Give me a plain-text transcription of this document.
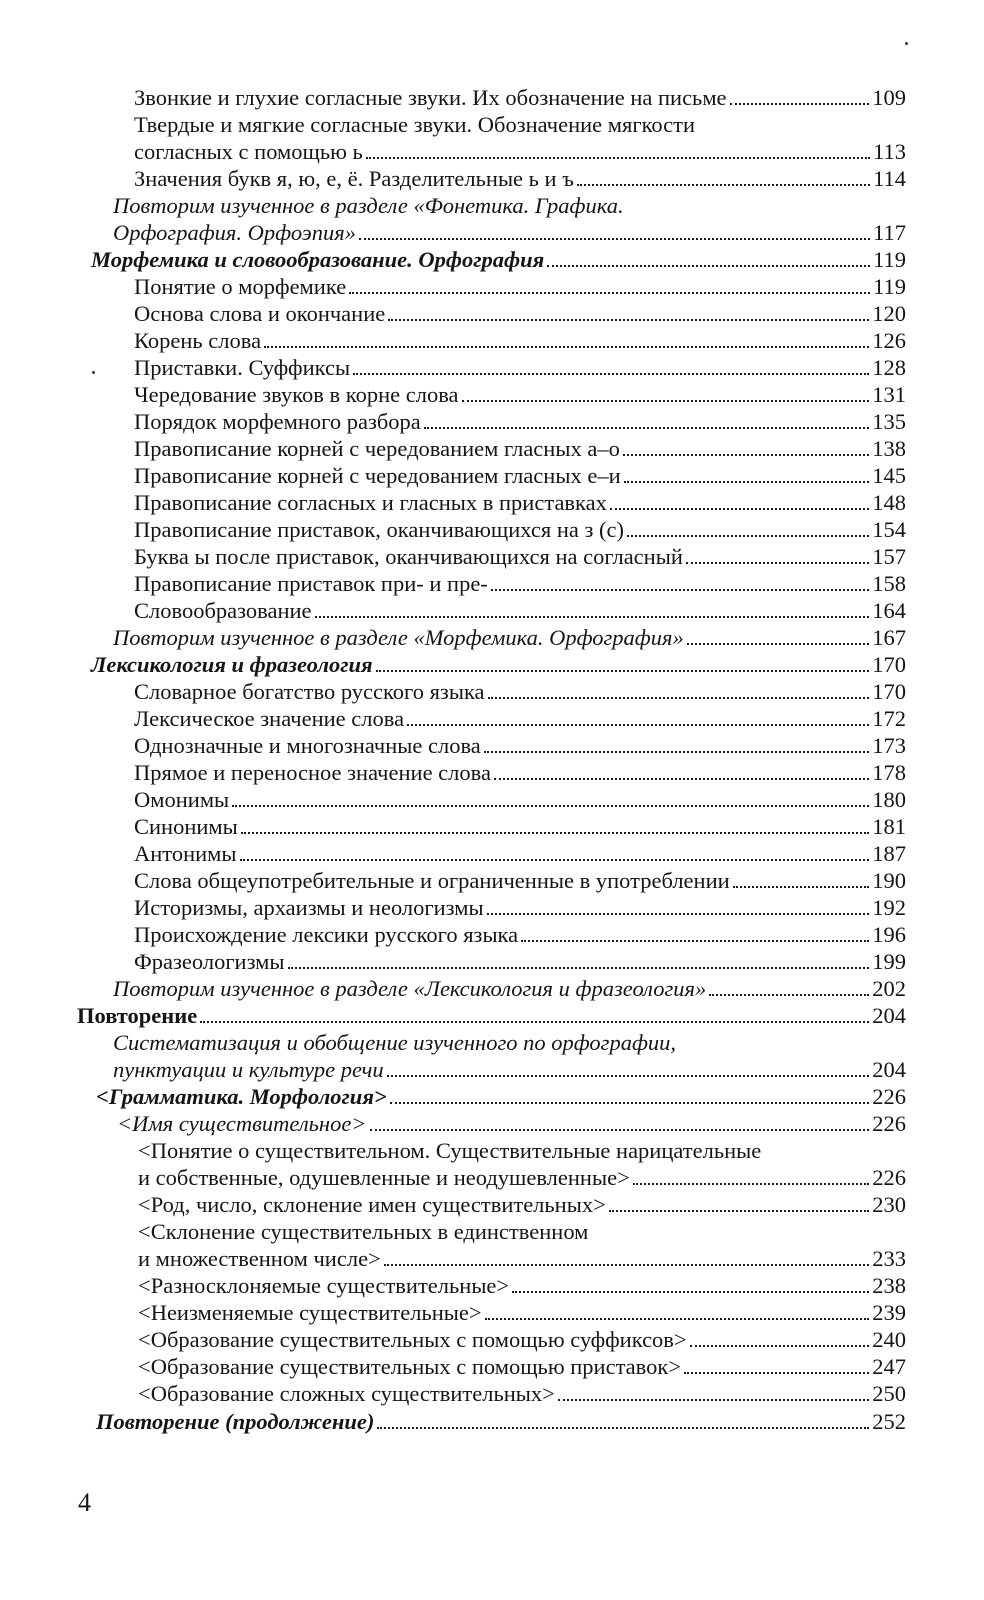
Звонкие и глухие согласные звуки. Их обозначение на письме	109
Твердые и мягкие согласные звуки. Обозначение мягкости
согласных с помощью ь	113
Значения букв я, ю, е, ё. Разделительные ь и ъ	114
Повторим изученное в разделе «Фонетика. Графика.
Орфография. Орфоэпия»	117
Морфемика и словообразование. Орфография	119
Понятие о морфемике	119
Основа слова и окончание	120
Корень слова	126
Приставки. Суффиксы	128
Чередование звуков в корне слова	131
Порядок морфемного разбора	135
Правописание корней с чередованием гласных а–о	138
Правописание корней с чередованием гласных е–и	145
Правописание согласных и гласных в приставках	148
Правописание приставок, оканчивающихся на з (с)	154
Буква ы после приставок, оканчивающихся на согласный	157
Правописание приставок при- и пре-	158
Словообразование	164
Повторим изученное в разделе «Морфемика. Орфография»	167
Лексикология и фразеология	170
Словарное богатство русского языка	170
Лексическое значение слова	172
Однозначные и многозначные слова	173
Прямое и переносное значение слова	178
Омонимы	180
Синонимы	181
Антонимы	187
Слова общеупотребительные и ограниченные в употреблении	190
Историзмы, архаизмы и неологизмы	192
Происхождение лексики русского языка	196
Фразеологизмы	199
Повторим изученное в разделе «Лексикология и фразеология»	202
Повторение	204
Систематизация и обобщение изученного по орфографии,
пунктуации и культуре речи	204
<Грамматика. Морфология>	226
<Имя существительное>	226
<Понятие о существительном. Существительные нарицательные
и собственные, одушевленные и неодушевленные>	226
<Род, число, склонение имен существительных>	230
<Склонение существительных в единственном
и множественном числе>	233
<Разносклоняемые существительные>	238
<Неизменяемые существительные>	239
<Образование существительных с помощью суффиксов>	240
<Образование существительных с помощью приставок>	247
<Образование сложных существительных>	250
Повторение (продолжение)	252
4
